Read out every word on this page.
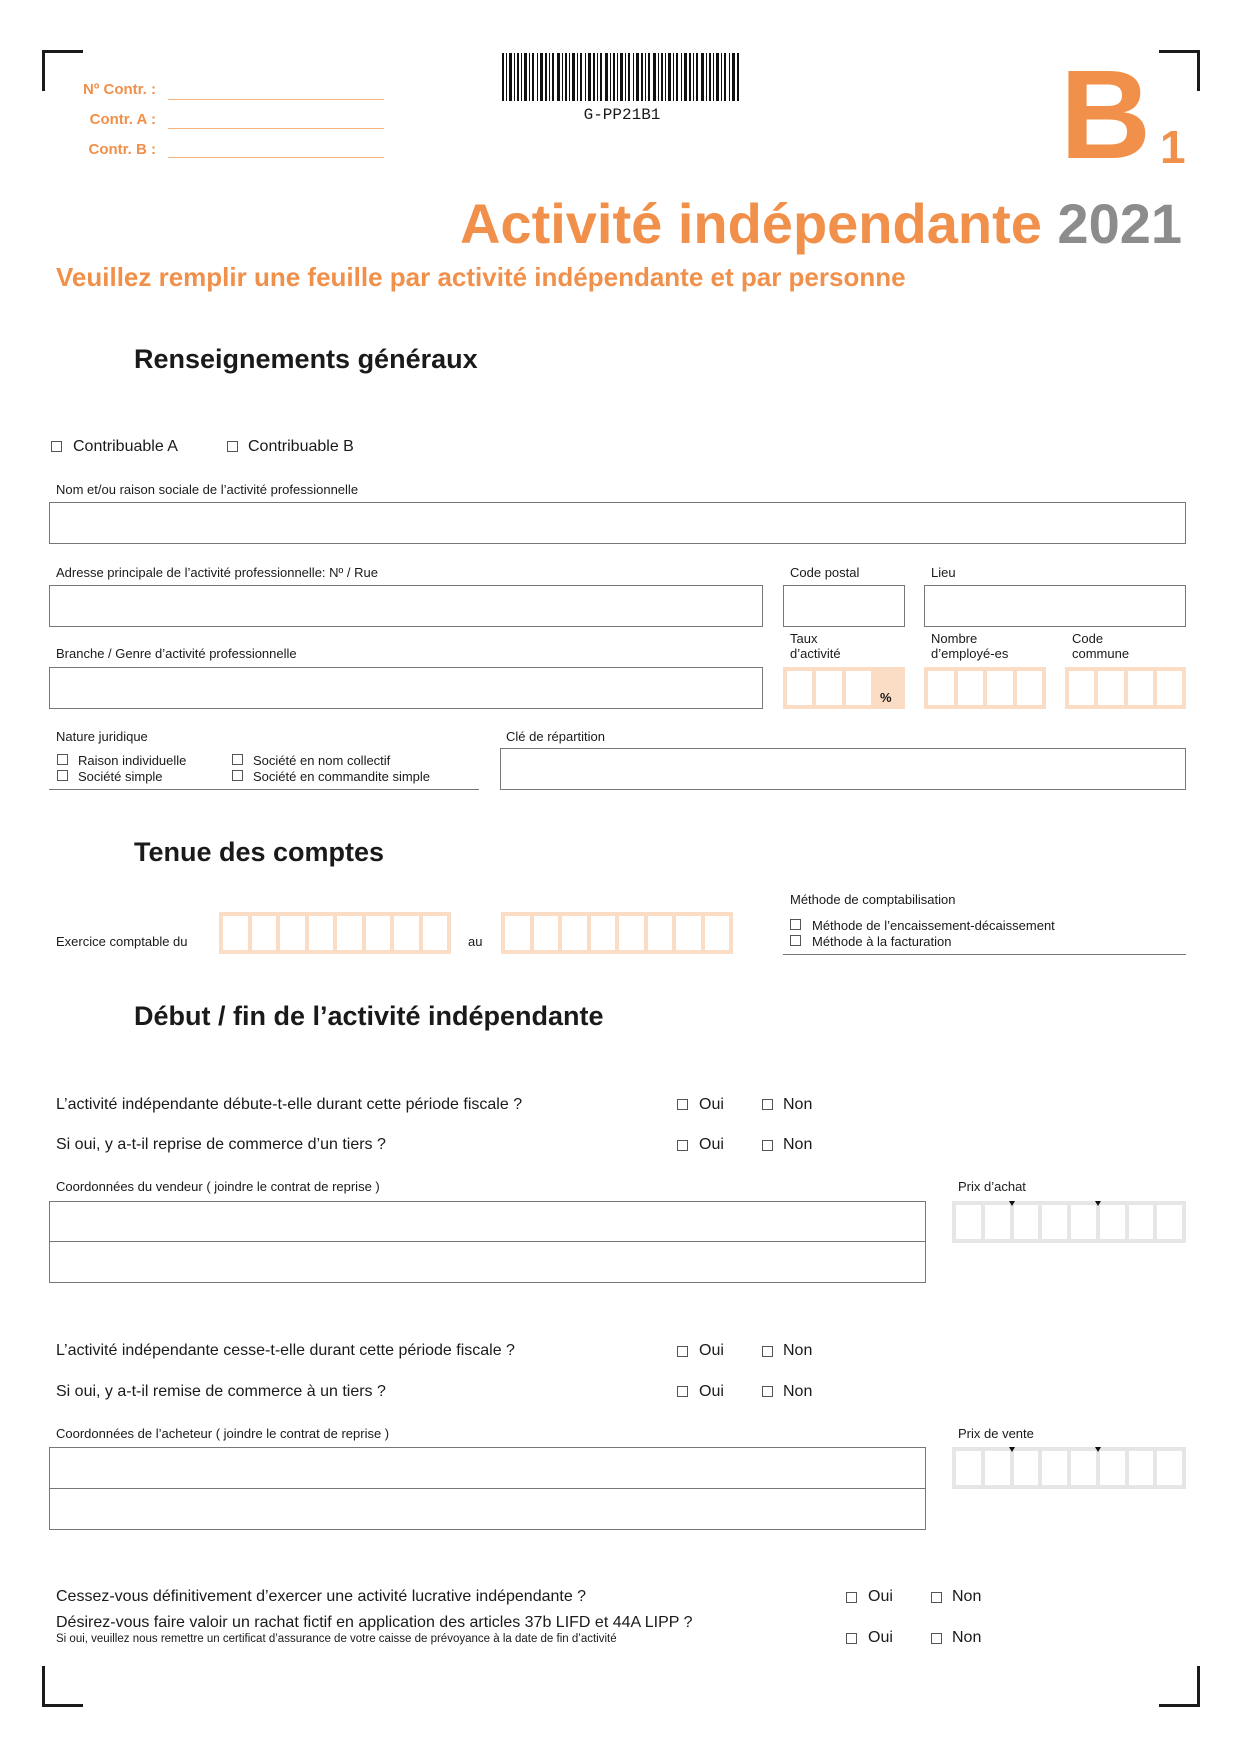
Nº Contr. :
Contr. A :
Contr. B :
G-PP21B1	B 1
Activité indépendante 2021
Veuillez remplir une feuille par activité indépendante et par personne
Renseignements généraux
Contribuable A	Contribuable B
Nom et/ou raison sociale de l’activité professionnelle
Adresse principale de l’activité professionnelle: Nº / Rue	Code postal	Lieu
Branche / Genre d’activité professionnelle
Taux
d’activité
%
Nombre
d’employé-es
Code
commune
Nature juridique
Raison individuelle
Société simple
Société en nom collectif
Société en commandite simple
Clé de répartition
Tenue des comptes
Exercice comptable du	au
Méthode de comptabilisation
Méthode de l’encaissement-décaissement
Méthode à la facturation
Début / fin de l’activité indépendante
L’activité indépendante débute-t-elle durant cette période fiscale ?	Oui	Non
Si oui, y a-t-il reprise de commerce d’un tiers ?	Oui	Non
Coordonnées du vendeur ( joindre le contrat de reprise )	Prix d’achat
L’activité indépendante cesse-t-elle durant cette période fiscale ?	Oui	Non
Si oui, y a-t-il remise de commerce à un tiers ?	Oui	Non
Coordonnées de l’acheteur ( joindre le contrat de reprise )	Prix de vente
Cessez-vous définitivement d’exercer une activité lucrative indépendante ?	Oui	Non
Désirez-vous faire valoir un rachat fictif en application des articles 37b LIFD et 44A LIPP ?
Si oui, veuillez nous remettre un certificat d’assurance de votre caisse de prévoyance à la date de fin d’activité	Oui	Non
